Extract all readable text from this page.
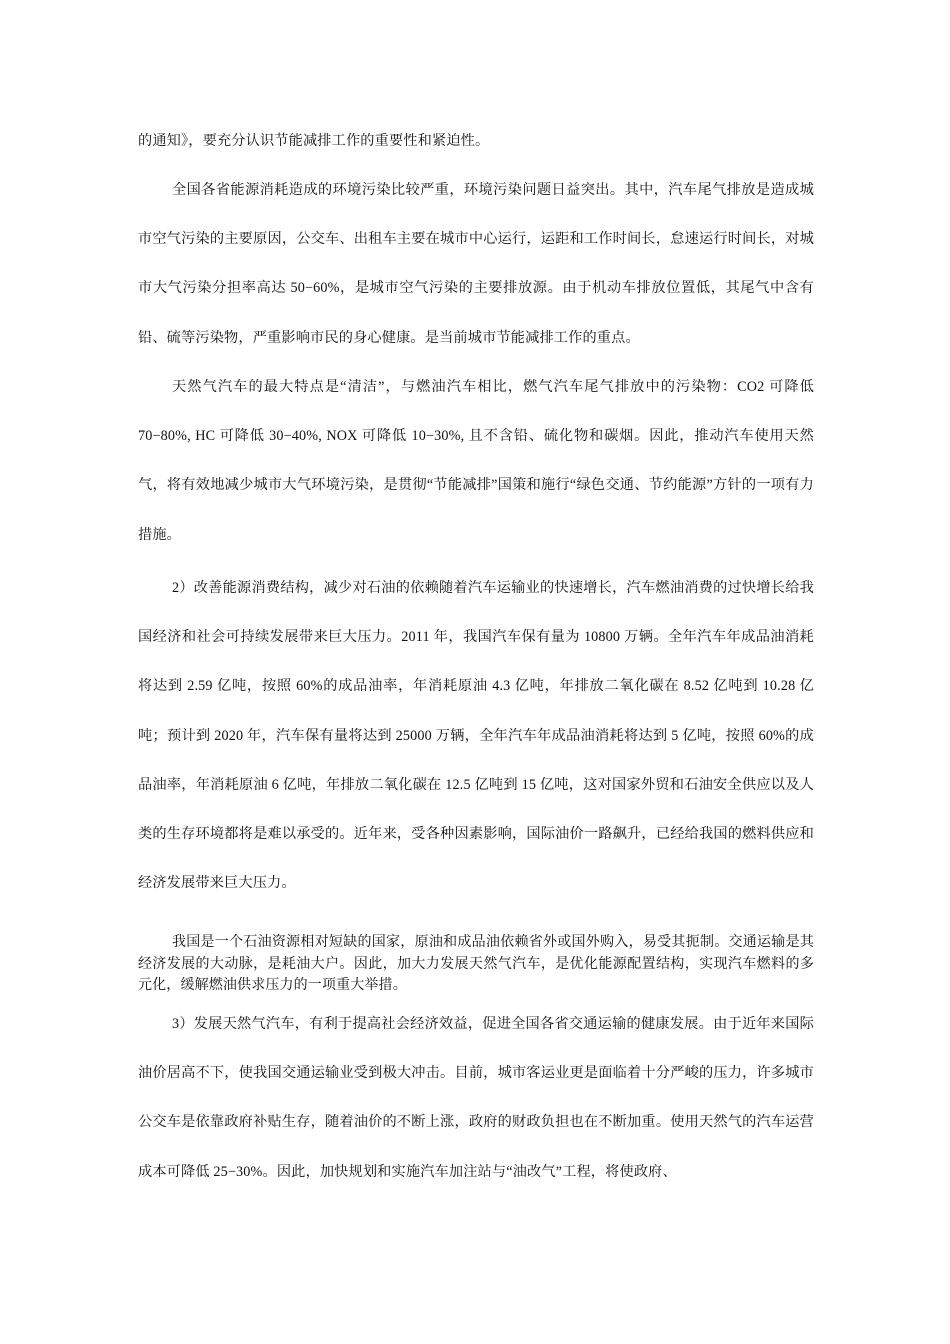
的通知》，要充分认识节能减排工作的重要性和紧迫性。

全国各省能源消耗造成的环境污染比较严重，环境污染问题日益突出。其中，汽车尾气排放是造成城市空气污染的主要原因，公交车、出租车主要在城市中心运行，运距和工作时间长，怠速运行时间长，对城市大气污染分担率高达 50−60%，是城市空气污染的主要排放源。由于机动车排放位置低，其尾气中含有铅、硫等污染物，严重影响市民的身心健康。是当前城市节能减排工作的重点。

天然气汽车的最大特点是“清洁”，与燃油汽车相比，燃气汽车尾气排放中的污染物：CO2 可降低 70−80%, HC 可降低 30−40%, NOX 可降低 10−30%, 且不含铅、硫化物和碳烟。因此，推动汽车使用天然气，将有效地减少城市大气环境污染，是贯彻“节能减排”国策和施行“绿色交通、节约能源”方针的一项有力措施。

2）改善能源消费结构，减少对石油的依赖随着汽车运输业的快速增长，汽车燃油消费的过快增长给我国经济和社会可持续发展带来巨大压力。2011 年，我国汽车保有量为 10800 万辆。全年汽车年成品油消耗将达到 2.59 亿吨，按照 60%的成品油率，年消耗原油 4.3 亿吨，年排放二氧化碳在 8.52 亿吨到 10.28 亿吨；预计到 2020 年，汽车保有量将达到 25000 万辆，全年汽车年成品油消耗将达到 5 亿吨，按照 60%的成品油率，年消耗原油 6 亿吨，年排放二氧化碳在 12.5 亿吨到 15 亿吨，这对国家外贸和石油安全供应以及人类的生存环境都将是难以承受的。近年来，受各种因素影响，国际油价一路飙升，已经给我国的燃料供应和经济发展带来巨大压力。

我国是一个石油资源相对短缺的国家，原油和成品油依赖省外或国外购入，易受其扼制。交通运输是其经济发展的大动脉，是耗油大户。因此，加大力发展天然气汽车，是优化能源配置结构，实现汽车燃料的多元化，缓解燃油供求压力的一项重大举措。

3）发展天然气汽车，有利于提高社会经济效益，促进全国各省交通运输的健康发展。由于近年来国际油价居高不下，使我国交通运输业受到极大冲击。目前，城市客运业更是面临着十分严峻的压力，许多城市公交车是依靠政府补贴生存，随着油价的不断上涨，政府的财政负担也在不断加重。使用天然气的汽车运营成本可降低 25−30%。因此，加快规划和实施汽车加注站与“油改气”工程，将使政府、
